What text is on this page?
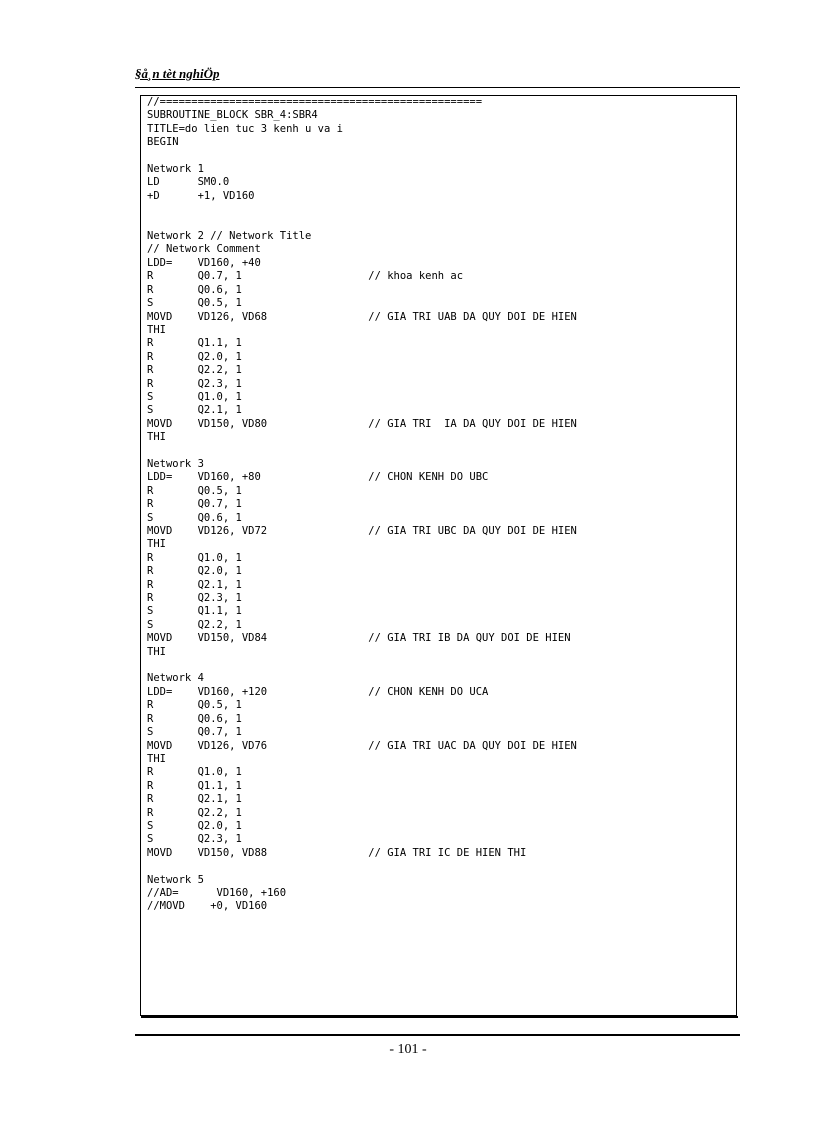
§å¸n tèt nghiÖp
//===================================================
SUBROUTINE_BLOCK SBR_4:SBR4
TITLE=do lien tuc 3 kenh u va i
BEGIN

Network 1
LD      SM0.0
+D      +1, VD160

Network 2 // Network Title
// Network Comment
LDD=    VD160, +40
R       Q0.7, 1                    // khoa kenh ac
R       Q0.6, 1
S       Q0.5, 1
MOVD    VD126, VD68                // GIA TRI UAB DA QUY DOI DE HIEN
THI
R       Q1.1, 1
R       Q2.0, 1
R       Q2.2, 1
R       Q2.3, 1
S       Q1.0, 1
S       Q2.1, 1
MOVD    VD150, VD80                // GIA TRI  IA DA QUY DOI DE HIEN
THI

Network 3
LDD=    VD160, +80                 // CHON KENH DO UBC
R       Q0.5, 1
R       Q0.7, 1
S       Q0.6, 1
MOVD    VD126, VD72                // GIA TRI UBC DA QUY DOI DE HIEN
THI
R       Q1.0, 1
R       Q2.0, 1
R       Q2.1, 1
R       Q2.3, 1
S       Q1.1, 1
S       Q2.2, 1
MOVD    VD150, VD84                // GIA TRI IB DA QUY DOI DE HIEN
THI

Network 4
LDD=    VD160, +120                // CHON KENH DO UCA
R       Q0.5, 1
R       Q0.6, 1
S       Q0.7, 1
MOVD    VD126, VD76                // GIA TRI UAC DA QUY DOI DE HIEN
THI
R       Q1.0, 1
R       Q1.1, 1
R       Q2.1, 1
R       Q2.2, 1
S       Q2.0, 1
S       Q2.3, 1
MOVD    VD150, VD88                // GIA TRI IC DE HIEN THI

Network 5
//AD=      VD160, +160
//MOVD    +0, VD160

- 101 -
